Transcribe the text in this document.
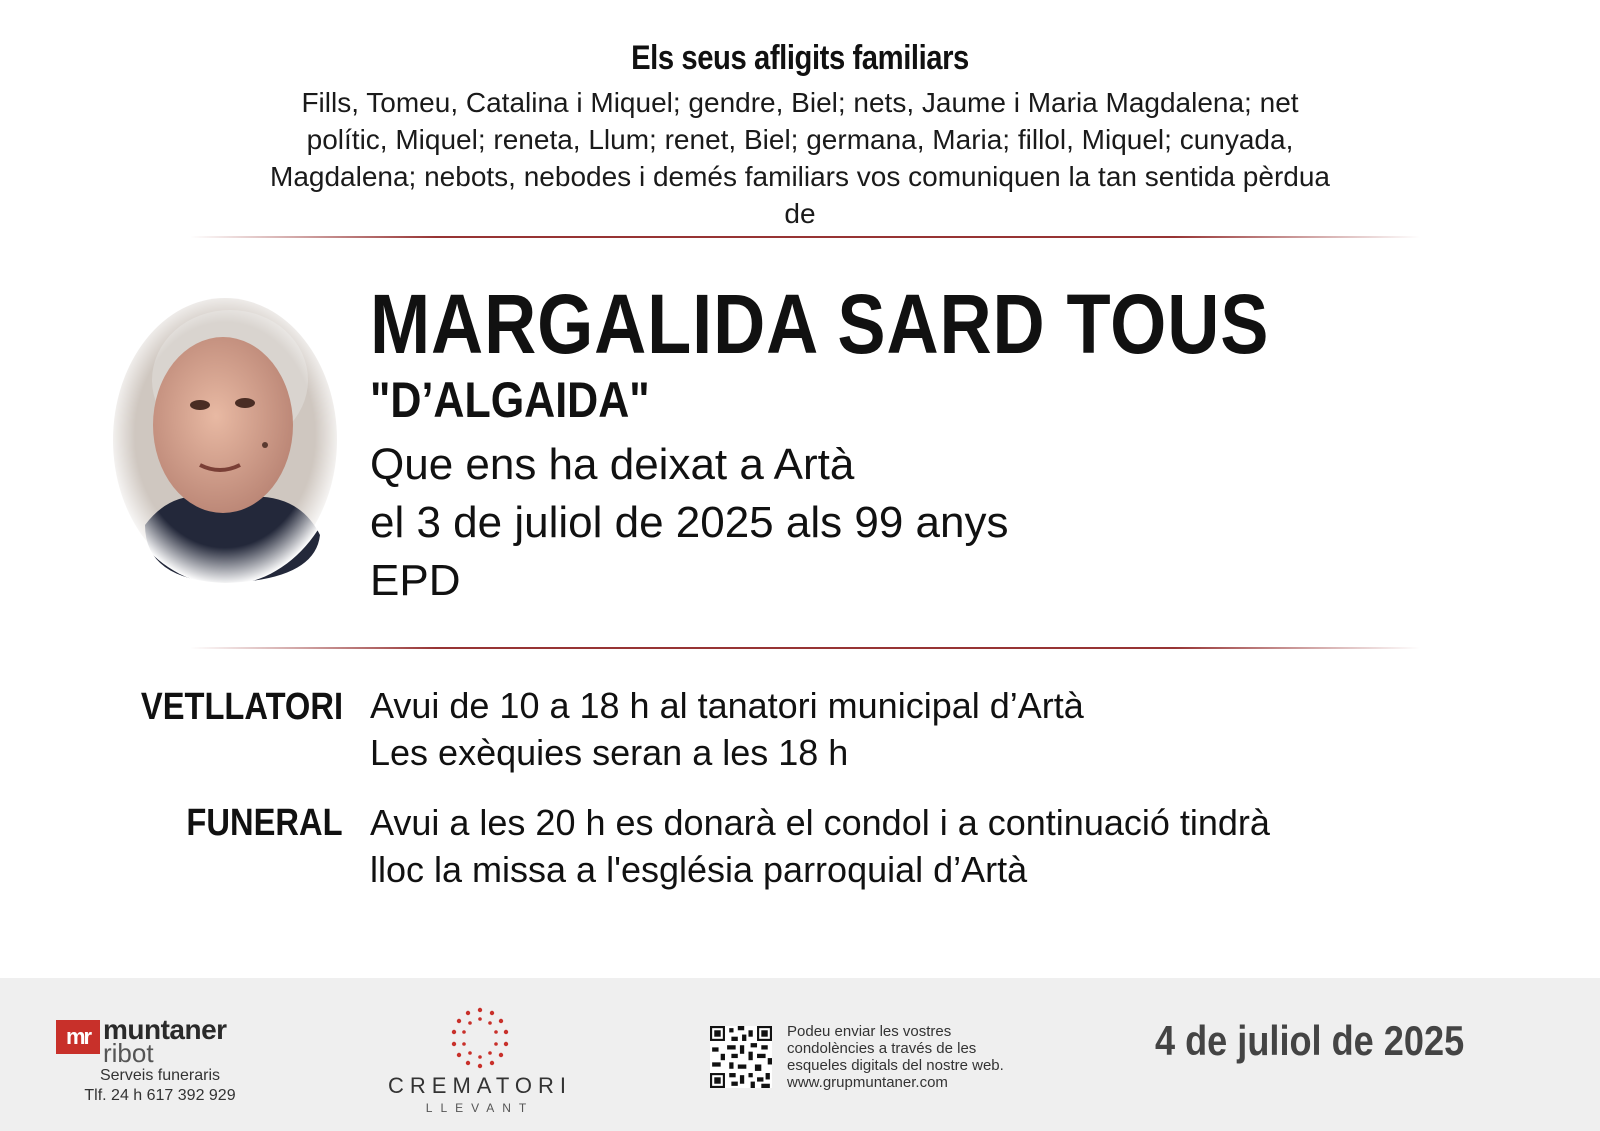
Els seus afligits familiars

Fills, Tomeu, Catalina i Miquel; gendre, Biel; nets, Jaume i Maria Magdalena; net polític, Miquel; reneta, Llum; renet, Biel; germana, Maria; fillol, Miquel; cunyada, Magdalena; nebots, nebodes i demés familiars vos comuniquen la tan sentida pèrdua de

MARGALIDA SARD TOUS
"D’ALGAIDA"
Que ens ha deixat a Artà
el 3 de juliol de 2025 als 99 anys
EPD
VETLLATORI Avui de 10 a 18 h al tanatori municipal d’Artà
Les exèquies seran a les 18 h
FUNERAL Avui a les 20 h es donarà el condol i a continuació tindrà
lloc la missa a l'església parroquial d’Artà
mr muntaner
ribot
Serveis funeraris
Tlf. 24 h 617 392 929	CREMATORI
LLEVANT
Podeu enviar les vostres
condolències a través de les
esqueles digitals del nostre web.
www.grupmuntaner.com
4 de juliol de 2025
